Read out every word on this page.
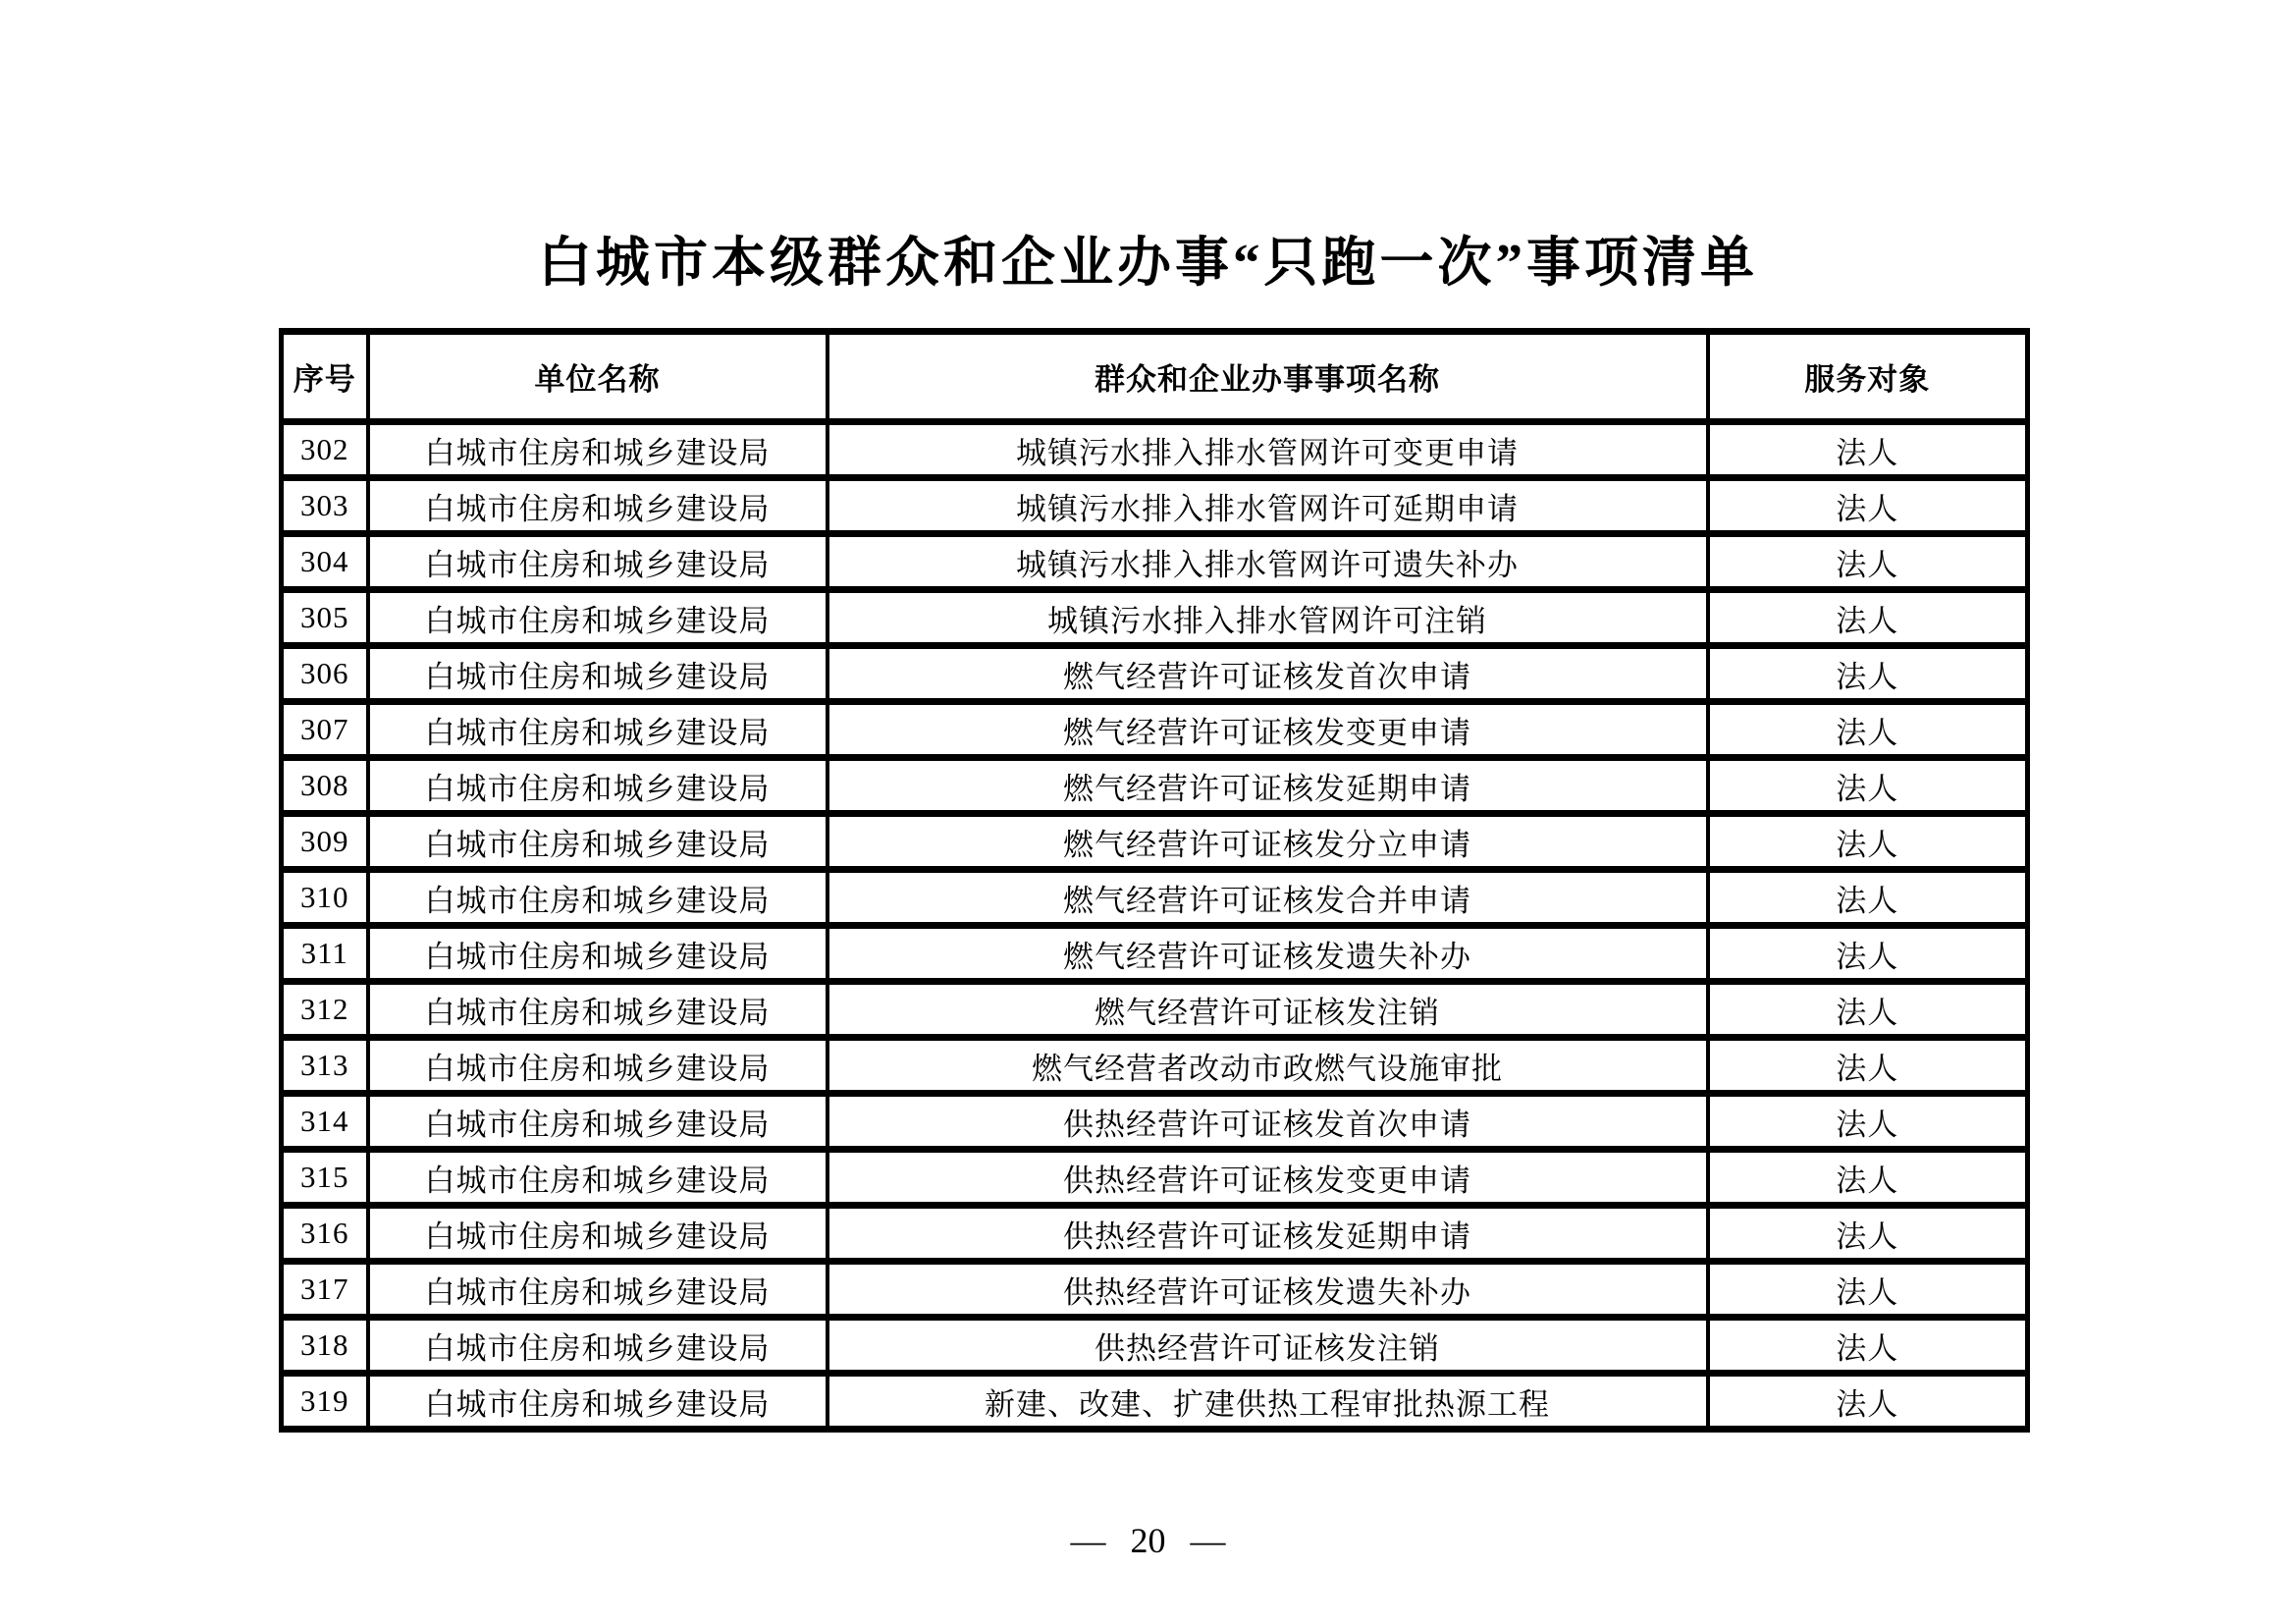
白城市本级群众和企业办事“只跑一次”事项清单
序号	单位名称	群众和企业办事事项名称	服务对象
302	白城市住房和城乡建设局	城镇污水排入排水管网许可变更申请	法人
303	白城市住房和城乡建设局	城镇污水排入排水管网许可延期申请	法人
304	白城市住房和城乡建设局	城镇污水排入排水管网许可遗失补办	法人
305	白城市住房和城乡建设局	城镇污水排入排水管网许可注销	法人
306	白城市住房和城乡建设局	燃气经营许可证核发首次申请	法人
307	白城市住房和城乡建设局	燃气经营许可证核发变更申请	法人
308	白城市住房和城乡建设局	燃气经营许可证核发延期申请	法人
309	白城市住房和城乡建设局	燃气经营许可证核发分立申请	法人
310	白城市住房和城乡建设局	燃气经营许可证核发合并申请	法人
311	白城市住房和城乡建设局	燃气经营许可证核发遗失补办	法人
312	白城市住房和城乡建设局	燃气经营许可证核发注销	法人
313	白城市住房和城乡建设局	燃气经营者改动市政燃气设施审批	法人
314	白城市住房和城乡建设局	供热经营许可证核发首次申请	法人
315	白城市住房和城乡建设局	供热经营许可证核发变更申请	法人
316	白城市住房和城乡建设局	供热经营许可证核发延期申请	法人
317	白城市住房和城乡建设局	供热经营许可证核发遗失补办	法人
318	白城市住房和城乡建设局	供热经营许可证核发注销	法人
319	白城市住房和城乡建设局	新建、改建、扩建供热工程审批热源工程	法人
— 20 —
